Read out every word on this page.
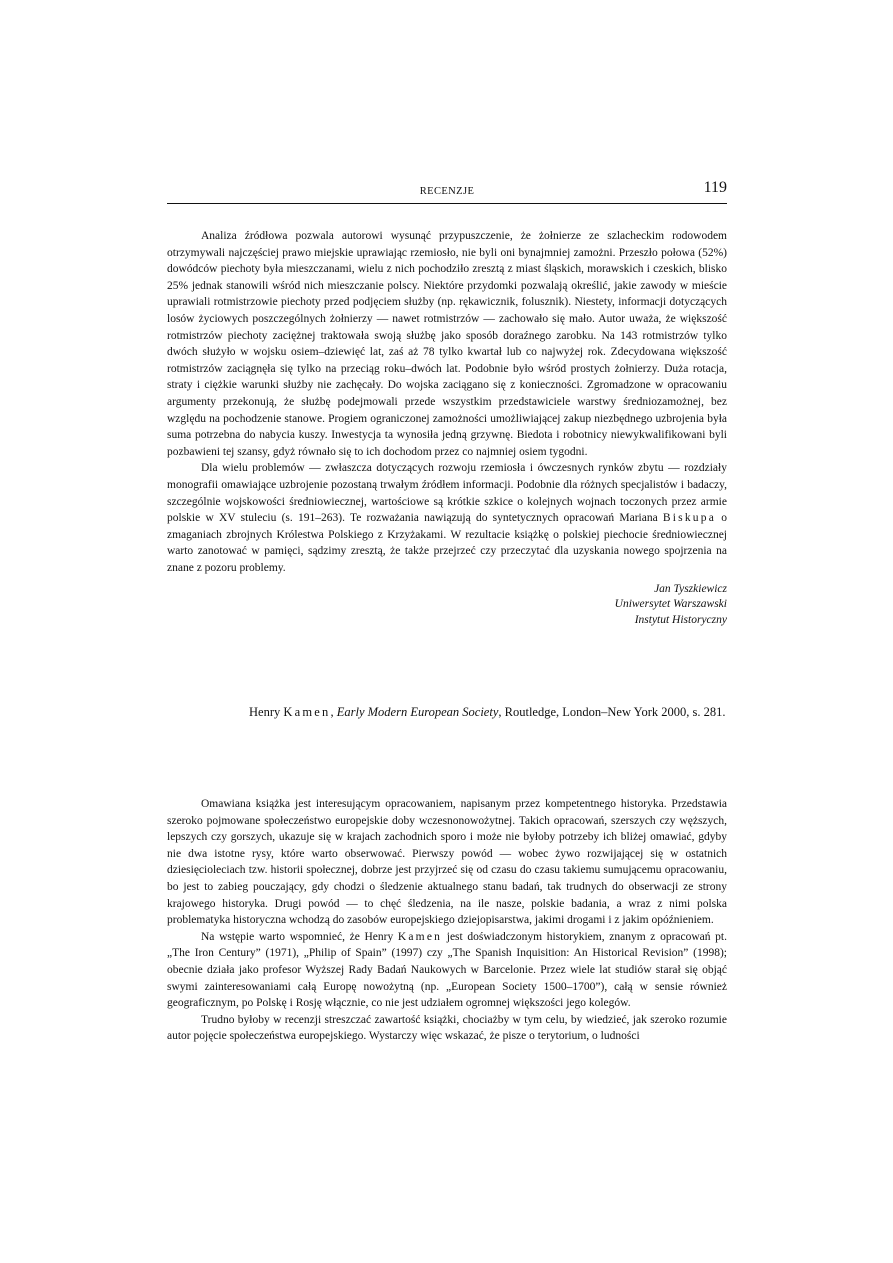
RECENZJE	119

Analiza źródłowa pozwala autorowi wysunąć przypuszczenie, że żołnierze ze szlacheckim rodowodem otrzymywali najczęściej prawo miejskie uprawiając rzemiosło, nie byli oni bynajmniej zamożni. Przeszło połowa (52%) dowódców piechoty była mieszczanami, wielu z nich pochodziło zresztą z miast śląskich, morawskich i czeskich, blisko 25% jednak stanowili wśród nich mieszczanie polscy. Niektóre przydomki pozwalają określić, jakie zawody w mieście uprawiali rotmistrzowie piechoty przed podjęciem służby (np. rękawicznik, folusznik). Niestety, informacji dotyczących losów życiowych poszczególnych żołnierzy — nawet rotmistrzów — zachowało się mało. Autor uważa, że większość rotmistrzów piechoty zaciężnej traktowała swoją służbę jako sposób doraźnego zarobku. Na 143 rotmistrzów tylko dwóch służyło w wojsku osiem–dziewięć lat, zaś aż 78 tylko kwartał lub co najwyżej rok. Zdecydowana większość rotmistrzów zaciągnęła się tylko na przeciąg roku–dwóch lat. Podobnie było wśród prostych żołnierzy. Duża rotacja, straty i ciężkie warunki służby nie zachęcały. Do wojska zaciągano się z konieczności. Zgromadzone w opracowaniu argumenty przekonują, że służbę podejmowali przede wszystkim przedstawiciele warstwy średniozamożnej, bez względu na pochodzenie stanowe. Progiem ograniczonej zamożności umożliwiającej zakup niezbędnego uzbrojenia była suma potrzebna do nabycia kuszy. Inwestycja ta wynosiła jedną grzywnę. Biedota i robotnicy niewykwalifikowani byli pozbawieni tej szansy, gdyż równało się to ich dochodom przez co najmniej osiem tygodni.

Dla wielu problemów — zwłaszcza dotyczących rozwoju rzemiosła i ówczesnych rynków zbytu — rozdziały monografii omawiające uzbrojenie pozostaną trwałym źródłem informacji. Podobnie dla różnych specjalistów i badaczy, szczególnie wojskowości średniowiecznej, wartościowe są krótkie szkice o kolejnych wojnach toczonych przez armie polskie w XV stuleciu (s. 191–263). Te rozważania nawiązują do syntetycznych opracowań Mariana Biskupa o zmaganiach zbrojnych Królestwa Polskiego z Krzyżakami. W rezultacie książkę o polskiej piechocie średniowiecznej warto zanotować w pamięci, sądzimy zresztą, że także przejrzeć czy przeczytać dla uzyskania nowego spojrzenia na znane z pozoru problemy.

Jan Tyszkiewicz
Uniwersytet Warszawski
Instytut Historyczny
Henry Kamen, Early Modern European Society, Routledge, London–New York 2000, s. 281.

Omawiana książka jest interesującym opracowaniem, napisanym przez kompetentnego historyka. Przedstawia szeroko pojmowane społeczeństwo europejskie doby wczesnonowożytnej. Takich opracowań, szerszych czy węższych, lepszych czy gorszych, ukazuje się w krajach zachodnich sporo i może nie byłoby potrzeby ich bliżej omawiać, gdyby nie dwa istotne rysy, które warto obserwować. Pierwszy powód — wobec żywo rozwijającej się w ostatnich dziesięcioleciach tzw. historii społecznej, dobrze jest przyjrzeć się od czasu do czasu takiemu sumującemu opracowaniu, bo jest to zabieg pouczający, gdy chodzi o śledzenie aktualnego stanu badań, tak trudnych do obserwacji ze strony krajowego historyka. Drugi powód — to chęć śledzenia, na ile nasze, polskie badania, a wraz z nimi polska problematyka historyczna wchodzą do zasobów europejskiego dziejopisarstwa, jakimi drogami i z jakim opóźnieniem.

Na wstępie warto wspomnieć, że Henry Kamen jest doświadczonym historykiem, znanym z opracowań pt. „The Iron Century” (1971), „Philip of Spain” (1997) czy „The Spanish Inquisition: An Historical Revision” (1998); obecnie działa jako profesor Wyższej Rady Badań Naukowych w Barcelonie. Przez wiele lat studiów starał się objąć swymi zainteresowaniami całą Europę nowożytną (np. „European Society 1500–1700”), całą w sensie również geograficznym, po Polskę i Rosję włącznie, co nie jest udziałem ogromnej większości jego kolegów.

Trudno byłoby w recenzji streszczać zawartość książki, chociażby w tym celu, by wiedzieć, jak szeroko rozumie autor pojęcie społeczeństwa europejskiego. Wystarczy więc wskazać, że pisze o terytorium, o ludności
